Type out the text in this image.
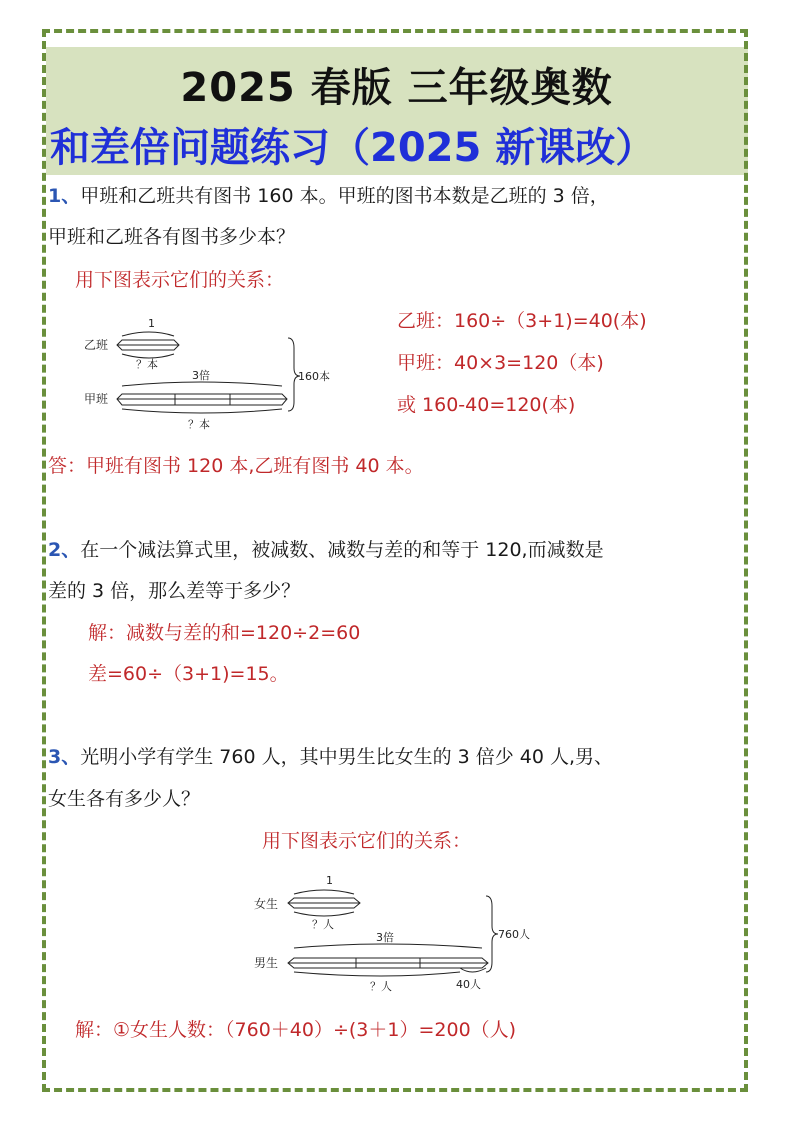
2025 春版 三年级奥数
和差倍问题练习（2025 新课改）
1、甲班和乙班共有图书 160 本。甲班的图书本数是乙班的 3 倍，
甲班和乙班各有图书多少本？
用下图表示它们的关系：
乙班
1
？本
3倍
甲班
？本
160本
乙班：160÷（3+1)=40(本)
甲班：40×3=120（本)
或 160-40=120(本)
答：甲班有图书 120 本,乙班有图书 40 本。
2、在一个减法算式里，被减数、减数与差的和等于 120,而减数是
差的 3 倍，那么差等于多少？
解：减数与差的和=120÷2=60
差=60÷（3+1)=15。
3、光明小学有学生 760 人，其中男生比女生的 3 倍少 40 人,男、
女生各有多少人？
用下图表示它们的关系：
女生
1
？人
3倍
男生
？人	40人
760人
解：①女生人数：（760＋40）÷(3＋1）=200（人)
